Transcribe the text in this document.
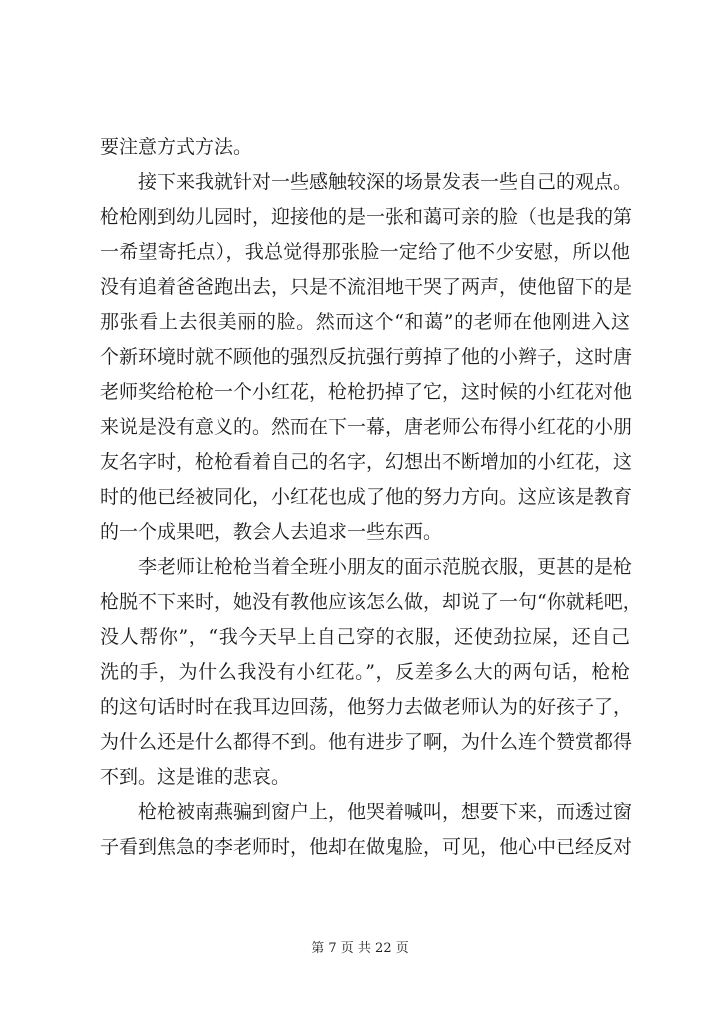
要注意方式方法。
接下来我就针对一些感触较深的场景发表一些自己的观点。
枪枪刚到幼儿园时，迎接他的是一张和蔼可亲的脸（也是我的第
一希望寄托点），我总觉得那张脸一定给了他不少安慰，所以他
没有追着爸爸跑出去，只是不流泪地干哭了两声，使他留下的是
那张看上去很美丽的脸。然而这个“和蔼”的老师在他刚进入这
个新环境时就不顾他的强烈反抗强行剪掉了他的小辫子，这时唐
老师奖给枪枪一个小红花，枪枪扔掉了它，这时候的小红花对他
来说是没有意义的。然而在下一幕，唐老师公布得小红花的小朋
友名字时，枪枪看着自己的名字，幻想出不断增加的小红花，这
时的他已经被同化，小红花也成了他的努力方向。这应该是教育
的一个成果吧，教会人去追求一些东西。
李老师让枪枪当着全班小朋友的面示范脱衣服，更甚的是枪
枪脱不下来时，她没有教他应该怎么做，却说了一句“你就耗吧，
没人帮你”，“我今天早上自己穿的衣服，还使劲拉屎，还自己
洗的手，为什么我没有小红花。”，反差多么大的两句话，枪枪
的这句话时时在我耳边回荡，他努力去做老师认为的好孩子了，
为什么还是什么都得不到。他有进步了啊，为什么连个赞赏都得
不到。这是谁的悲哀。
枪枪被南燕骗到窗户上，他哭着喊叫，想要下来，而透过窗
子看到焦急的李老师时，他却在做鬼脸，可见，他心中已经反对
第 7 页 共 22 页
